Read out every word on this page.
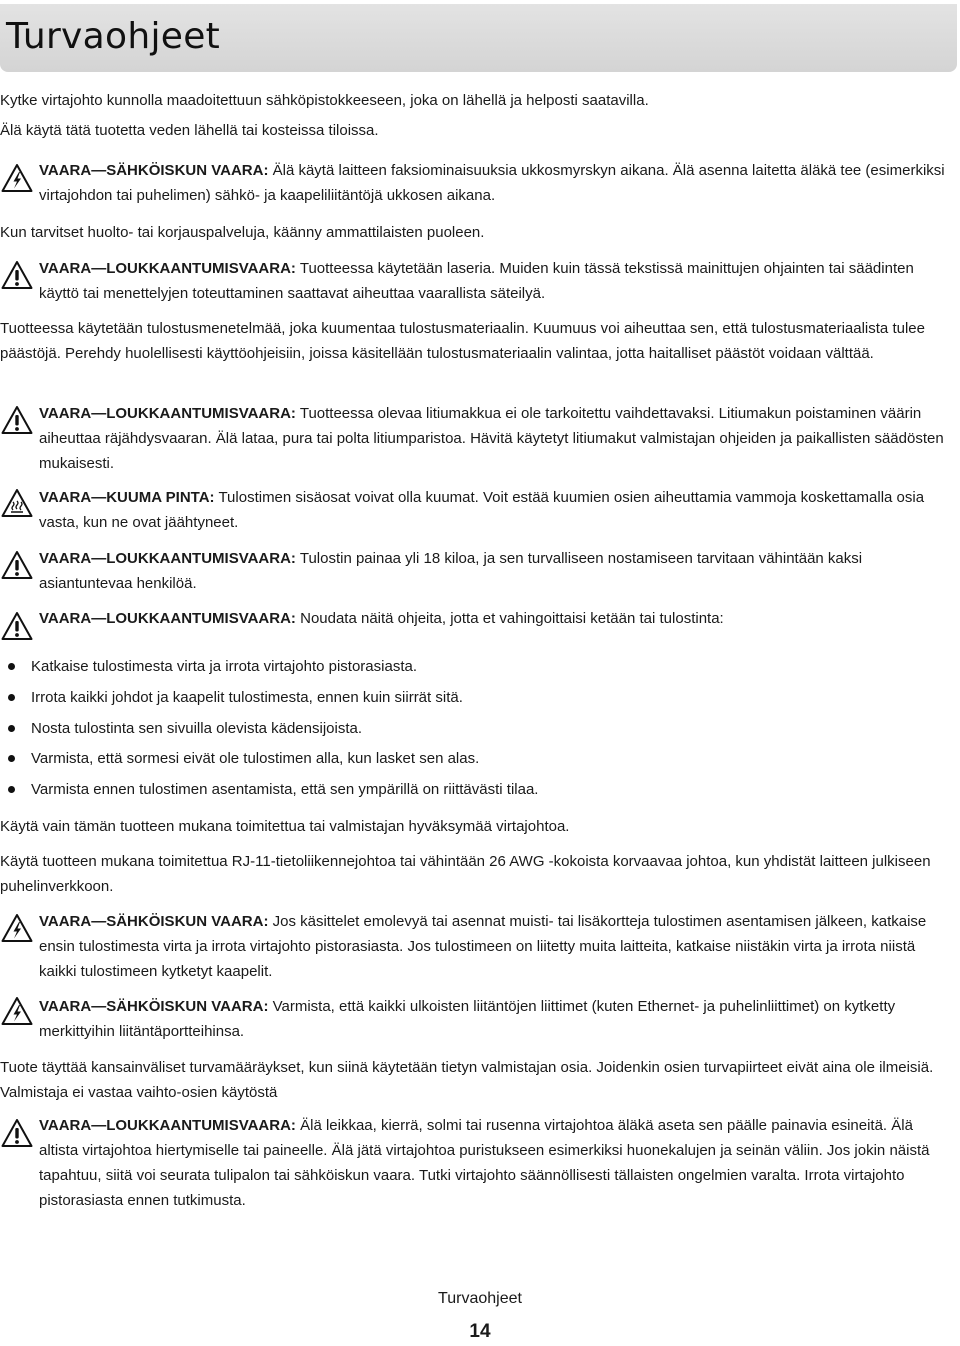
Turvaohjeet
Kytke virtajohto kunnolla maadoitettuun sähköpistokkeeseen, joka on lähellä ja helposti saatavilla.
Älä käytä tätä tuotetta veden lähellä tai kosteissa tiloissa.
VAARA—SÄHKÖISKUN VAARA: Älä käytä laitteen faksiominaisuuksia ukkosmyrskyn aikana. Älä asenna laitetta äläkä tee (esimerkiksi virtajohdon tai puhelimen) sähkö- ja kaapeliliitäntöjä ukkosen aikana.
Kun tarvitset huolto- tai korjauspalveluja, käänny ammattilaisten puoleen.
VAARA—LOUKKAANTUMISVAARA: Tuotteessa käytetään laseria. Muiden kuin tässä tekstissä mainittujen ohjainten tai säädinten käyttö tai menettelyjen toteuttaminen saattavat aiheuttaa vaarallista säteilyä.
Tuotteessa käytetään tulostusmenetelmää, joka kuumentaa tulostusmateriaalin. Kuumuus voi aiheuttaa sen, että tulostusmateriaalista tulee päästöjä. Perehdy huolellisesti käyttöohjeisiin, joissa käsitellään tulostusmateriaalin valintaa, jotta haitalliset päästöt voidaan välttää.
VAARA—LOUKKAANTUMISVAARA: Tuotteessa olevaa litiumakkua ei ole tarkoitettu vaihdettavaksi. Litiumakun poistaminen väärin aiheuttaa räjähdysvaaran. Älä lataa, pura tai polta litiumparistoa. Hävitä käytetyt litiumakut valmistajan ohjeiden ja paikallisten säädösten mukaisesti.
VAARA—KUUMA PINTA: Tulostimen sisäosat voivat olla kuumat. Voit estää kuumien osien aiheuttamia vammoja koskettamalla osia vasta, kun ne ovat jäähtyneet.
VAARA—LOUKKAANTUMISVAARA: Tulostin painaa yli 18 kiloa, ja sen turvalliseen nostamiseen tarvitaan vähintään kaksi asiantuntevaa henkilöä.
VAARA—LOUKKAANTUMISVAARA: Noudata näitä ohjeita, jotta et vahingoittaisi ketään tai tulostinta:
Katkaise tulostimesta virta ja irrota virtajohto pistorasiasta.
Irrota kaikki johdot ja kaapelit tulostimesta, ennen kuin siirrät sitä.
Nosta tulostinta sen sivuilla olevista kädensijoista.
Varmista, että sormesi eivät ole tulostimen alla, kun lasket sen alas.
Varmista ennen tulostimen asentamista, että sen ympärillä on riittävästi tilaa.
Käytä vain tämän tuotteen mukana toimitettua tai valmistajan hyväksymää virtajohtoa.
Käytä tuotteen mukana toimitettua RJ-11-tietoliikennejohtoa tai vähintään 26 AWG -kokoista korvaavaa johtoa, kun yhdistät laitteen julkiseen puhelinverkkoon.
VAARA—SÄHKÖISKUN VAARA: Jos käsittelet emolevyä tai asennat muisti- tai lisäkortteja tulostimen asentamisen jälkeen, katkaise ensin tulostimesta virta ja irrota virtajohto pistorasiasta. Jos tulostimeen on liitetty muita laitteita, katkaise niistäkin virta ja irrota niistä kaikki tulostimeen kytketyt kaapelit.
VAARA—SÄHKÖISKUN VAARA: Varmista, että kaikki ulkoisten liitäntöjen liittimet (kuten Ethernet- ja puhelinliittimet) on kytketty merkittyihin liitäntäportteihinsa.
Tuote täyttää kansainväliset turvamääräykset, kun siinä käytetään tietyn valmistajan osia. Joidenkin osien turvapiirteet eivät aina ole ilmeisiä. Valmistaja ei vastaa vaihto-osien käytöstä
VAARA—LOUKKAANTUMISVAARA: Älä leikkaa, kierrä, solmi tai rusenna virtajohtoa äläkä aseta sen päälle painavia esineitä. Älä altista virtajohtoa hiertymiselle tai paineelle. Älä jätä virtajohtoa puristukseen esimerkiksi huonekalujen ja seinän väliin. Jos jokin näistä tapahtuu, siitä voi seurata tulipalon tai sähköiskun vaara. Tutki virtajohto säännöllisesti tällaisten ongelmien varalta. Irrota virtajohto pistorasiasta ennen tutkimusta.
Turvaohjeet
14
